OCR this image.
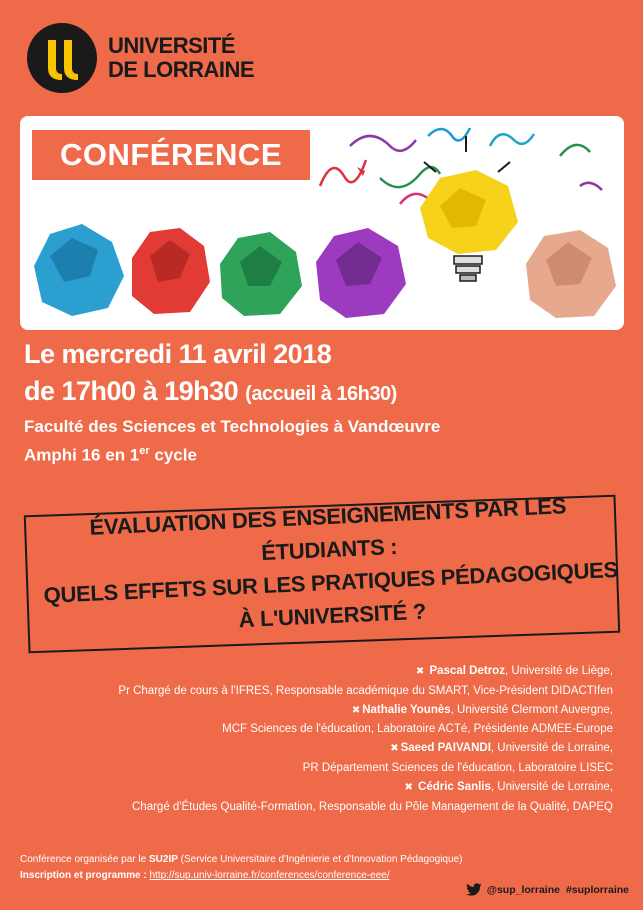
UNIVERSITÉ
DE LORRAINE
CONFÉRENCE
Le mercredi 11 avril 2018
de 17h00 à 19h30 (accueil à 16h30)
Faculté des Sciences et Technologies à Vandœuvre
Amphi 16 en 1er cycle
ÉVALUATION DES ENSEIGNEMENTS PAR LES ÉTUDIANTS :
QUELS EFFETS SUR LES PRATIQUES PÉDAGOGIQUES
À L'UNIVERSITÉ ?
✖ Pascal Detroz, Université de Liège,
Pr Chargé de cours à l'IFRES, Responsable académique du SMART, Vice-Président DIDACTIfen
✖ Nathalie Younès, Université Clermont Auvergne,
MCF Sciences de l'éducation, Laboratoire ACTé, Présidente ADMEE-Europe
✖ Saeed PAIVANDI, Université de Lorraine,
PR Département Sciences de l'éducation, Laboratoire LISEC
✖ Cédric Sanlis, Université de Lorraine,
Chargé d'Études Qualité-Formation, Responsable du Pôle Management de la Qualité, DAPEQ
Conférence organisée par le SU2IP (Service Universitaire d'Ingénierie et d'Innovation Pédagogique)
Inscription et programme : http://sup.univ-lorraine.fr/conferences/conference-eee/
@sup_lorraine #suplorraine
